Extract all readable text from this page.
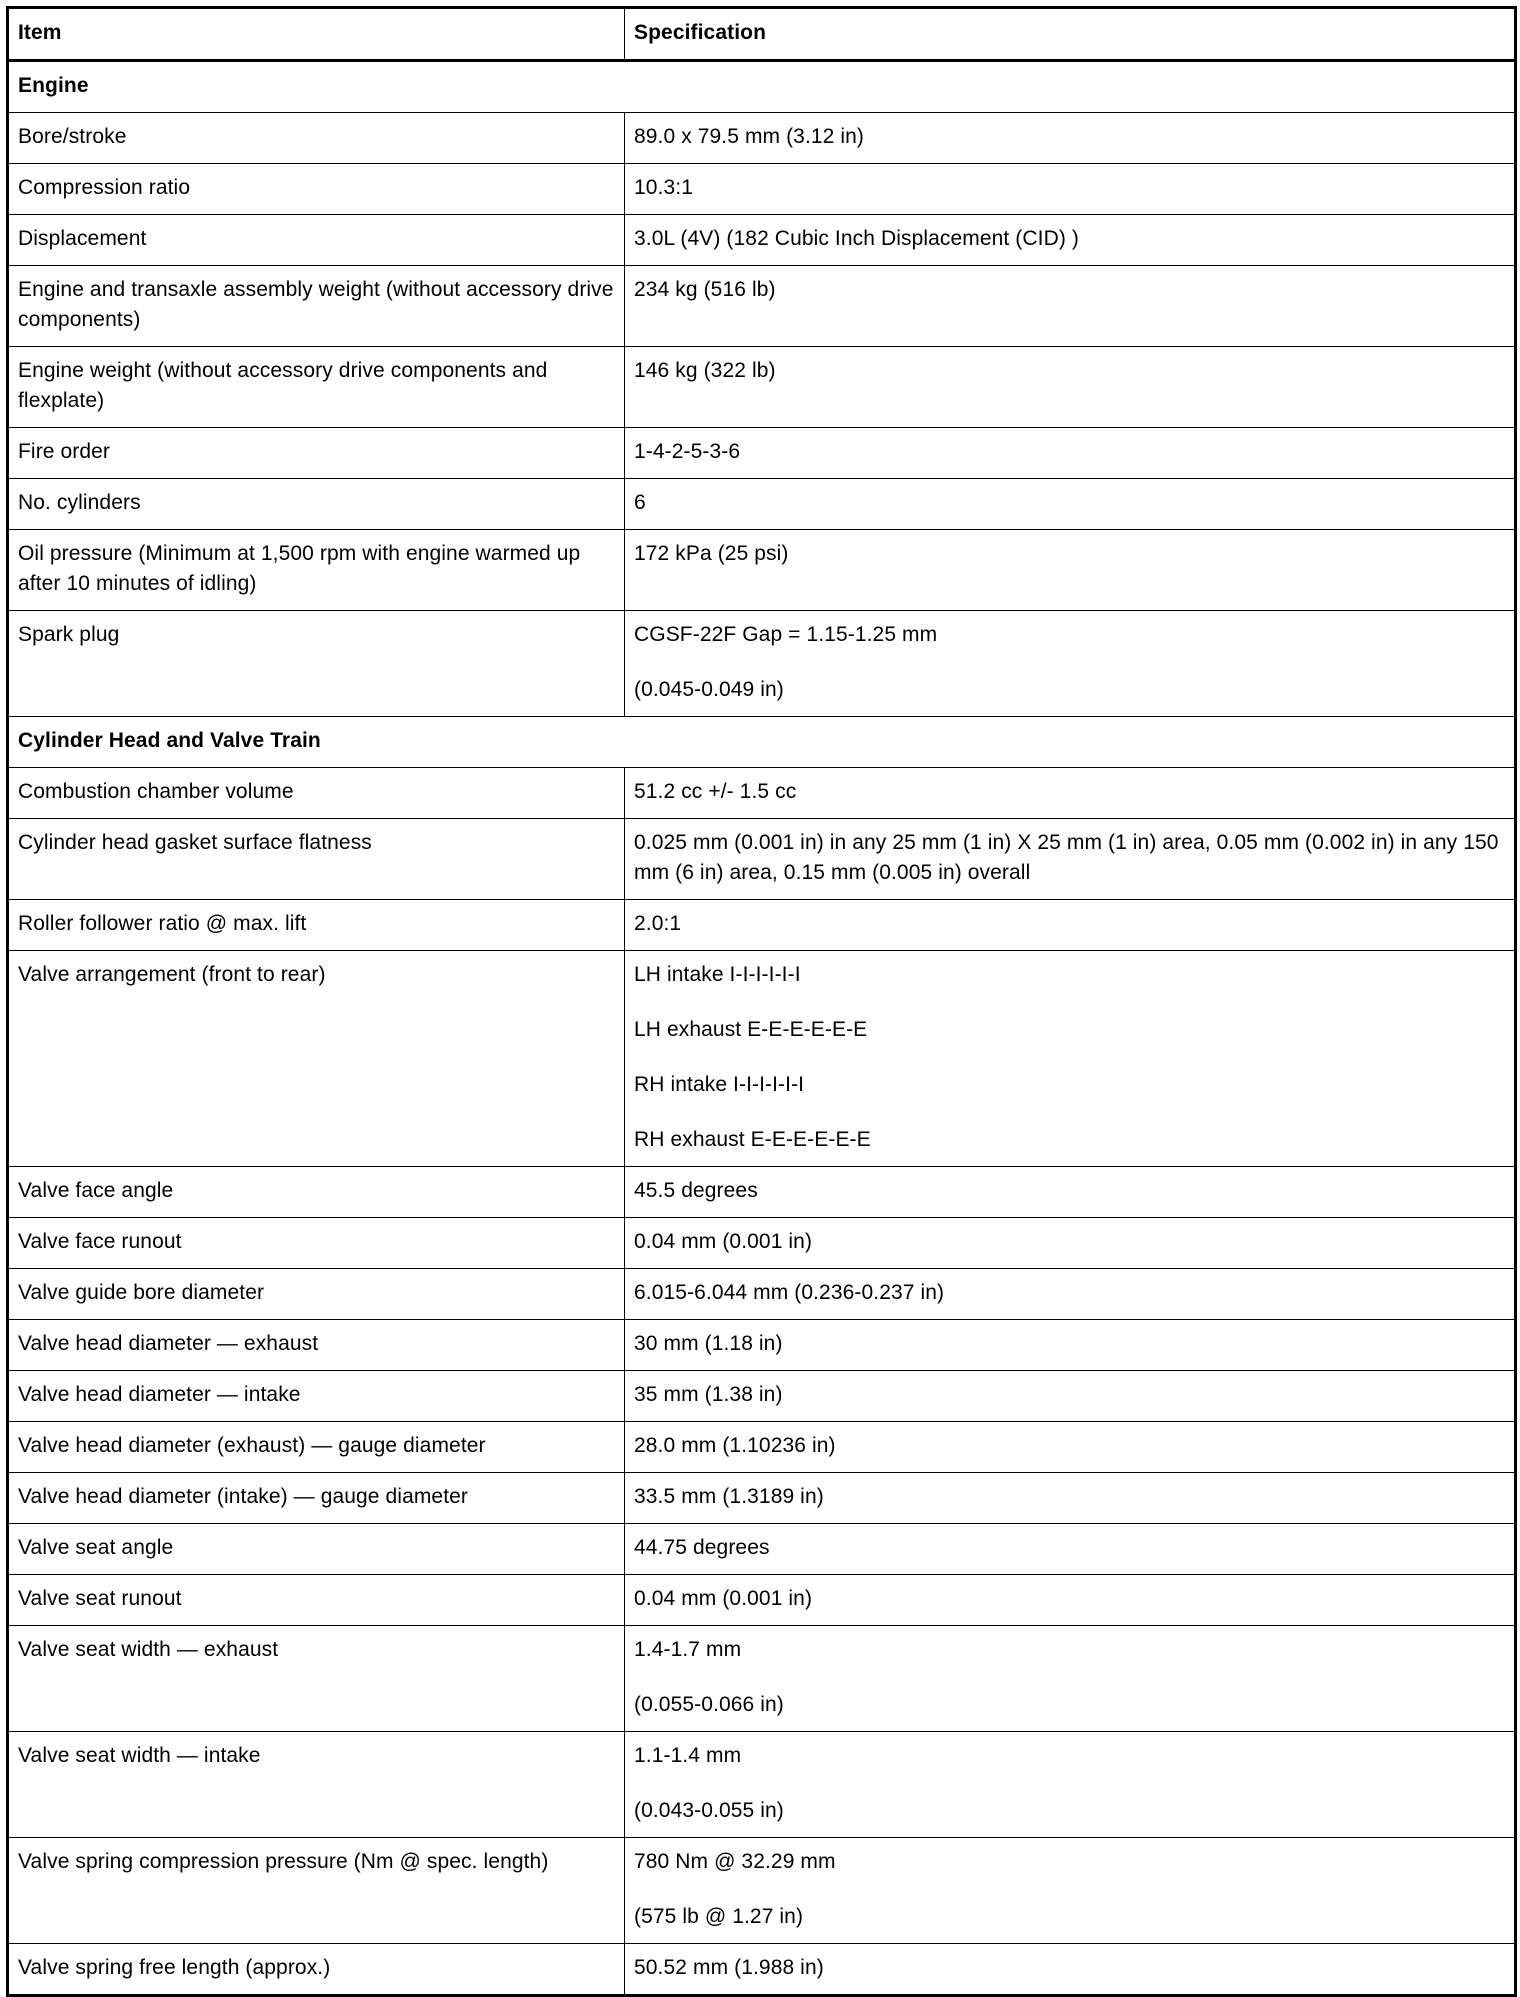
Item	Specification
Engine	
Bore/stroke	89.0 x 79.5 mm (3.12 in)

Compression ratio	10.3:1

Displacement	3.0L (4V) (182 Cubic Inch Displacement (CID) )

Engine and transaxle assembly weight (without accessory drive components)	234 kg (516 lb)

Engine weight (without accessory drive components and flexplate)	146 kg (322 lb)

Fire order	1-4-2-5-3-6

No. cylinders	6

Oil pressure (Minimum at 1,500 rpm with engine warmed up after 10 minutes of idling)	172 kPa (25 psi)

Spark plug	CGSF-22F Gap = 1.15-1.25 mm

(0.045-0.049 in)

Cylinder Head and Valve Train	
Combustion chamber volume	51.2 cc +/- 1.5 cc

Cylinder head gasket surface flatness	0.025 mm (0.001 in) in any 25 mm (1 in) X 25 mm (1 in) area, 0.05 mm (0.002 in) in any 150 mm (6 in) area, 0.15 mm (0.005 in) overall

Roller follower ratio @ max. lift	2.0:1

Valve arrangement (front to rear)	LH intake I-I-I-I-I-I

LH exhaust E-E-E-E-E-E

RH intake I-I-I-I-I-I

RH exhaust E-E-E-E-E-E

Valve face angle	45.5 degrees

Valve face runout	0.04 mm (0.001 in)

Valve guide bore diameter	6.015-6.044 mm (0.236-0.237 in)

Valve head diameter — exhaust	30 mm (1.18 in)

Valve head diameter — intake	35 mm (1.38 in)

Valve head diameter (exhaust) — gauge diameter	28.0 mm (1.10236 in)

Valve head diameter (intake) — gauge diameter	33.5 mm (1.3189 in)

Valve seat angle	44.75 degrees

Valve seat runout	0.04 mm (0.001 in)

Valve seat width — exhaust	1.4-1.7 mm

(0.055-0.066 in)

Valve seat width — intake	1.1-1.4 mm

(0.043-0.055 in)

Valve spring compression pressure (Nm @ spec. length)	780 Nm @ 32.29 mm

(575 lb @ 1.27 in)

Valve spring free length (approx.)	50.52 mm (1.988 in)
